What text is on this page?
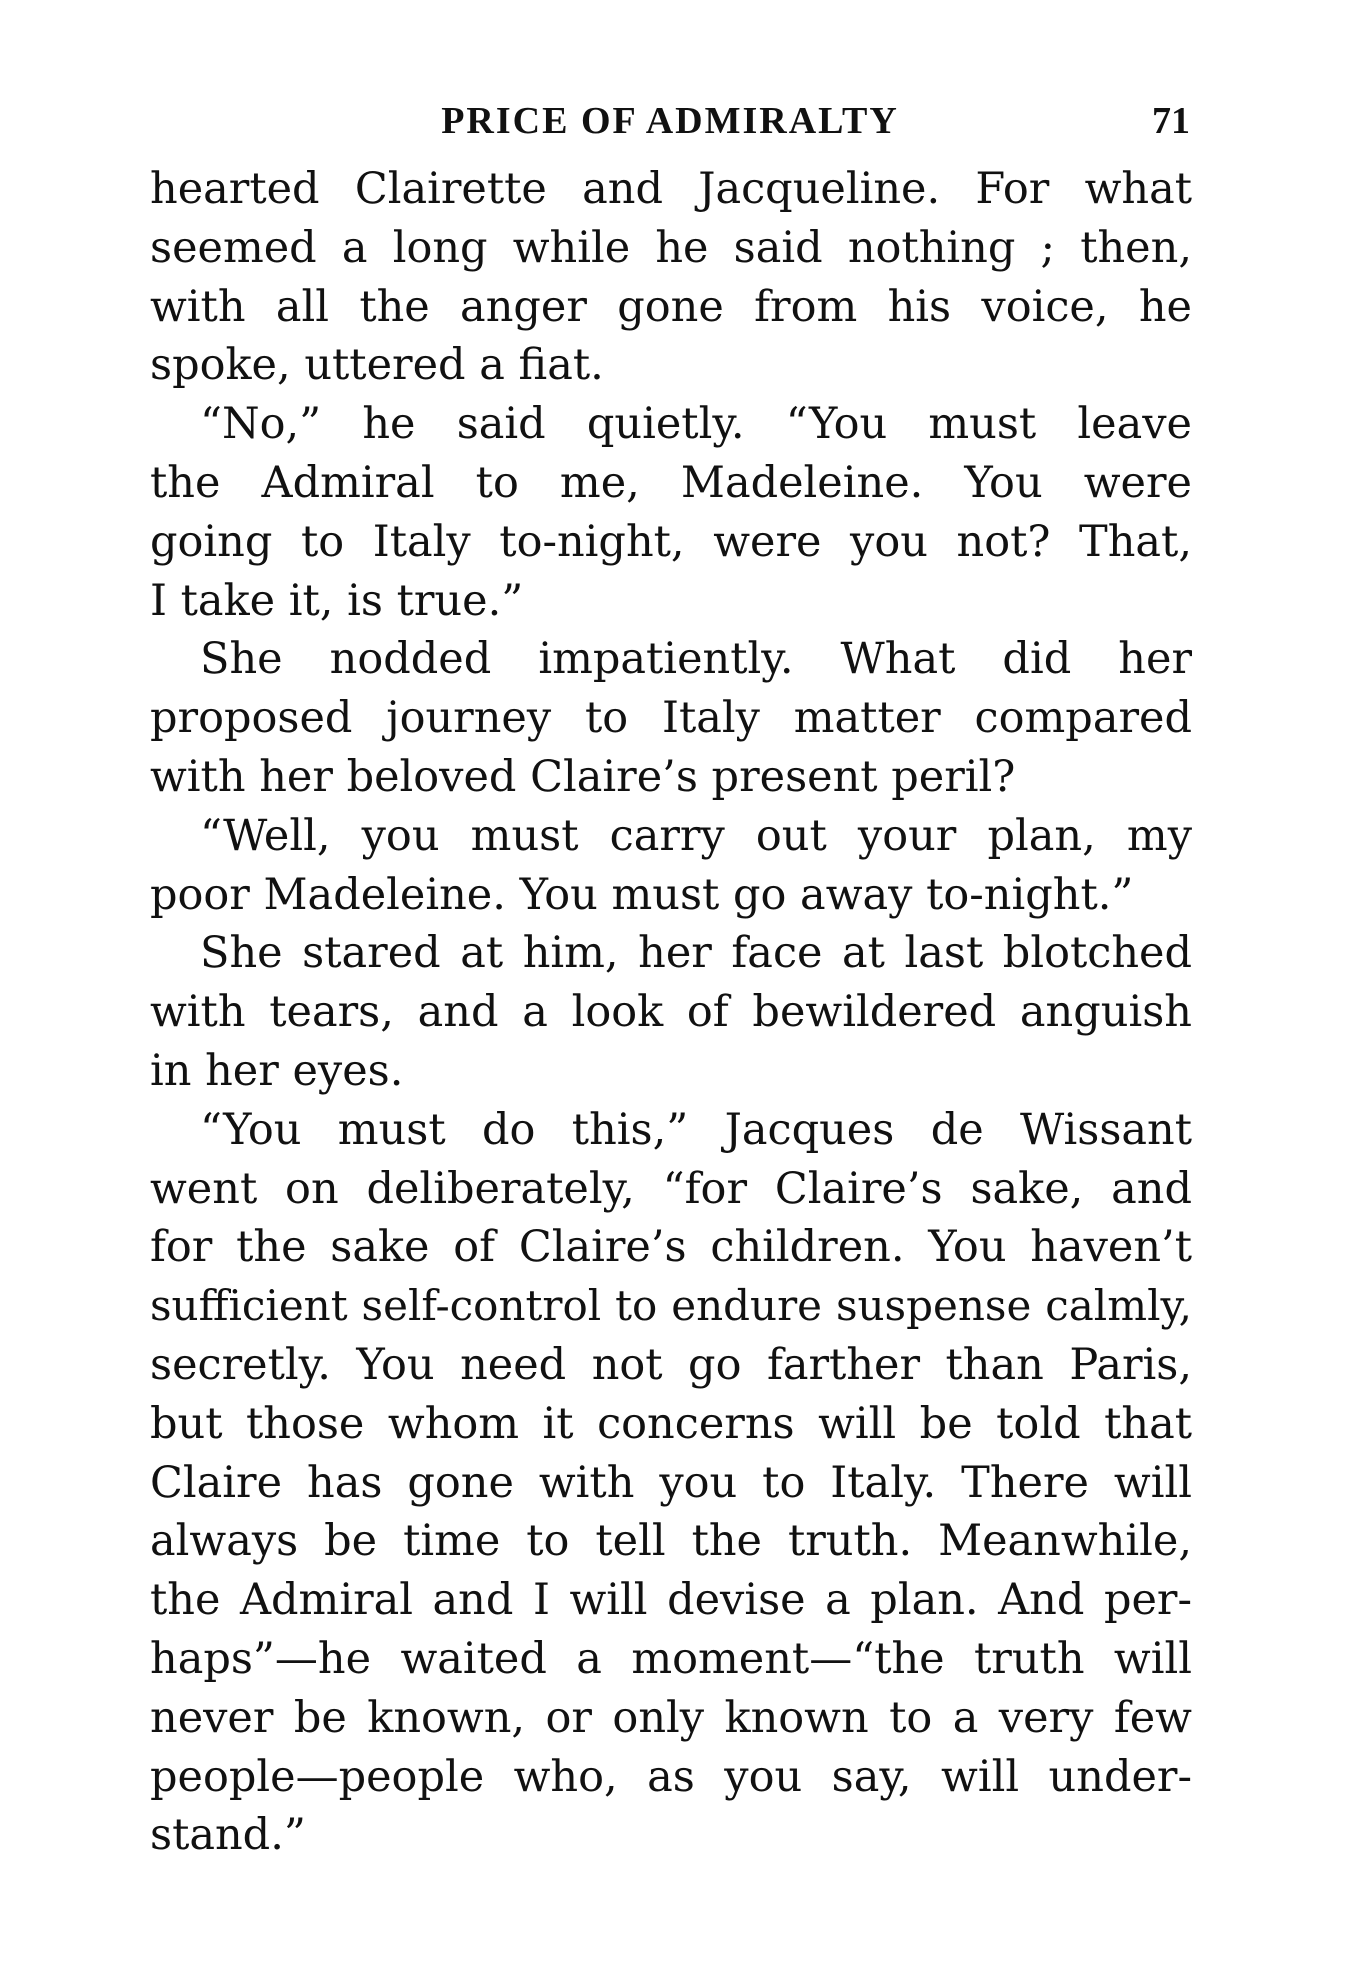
PRICE OF ADMIRALTY	71
hearted Clairette and Jacqueline. For what
seemed a long while he said nothing ; then,
with all the anger gone from his voice, he
spoke, uttered a fiat.
“No,” he said quietly. “You must leave
the Admiral to me, Madeleine. You were
going to Italy to-night, were you not? That,
I take it, is true.”
She nodded impatiently. What did her
proposed journey to Italy matter compared
with her beloved Claire’s present peril?
“Well, you must carry out your plan, my
poor Madeleine. You must go away to-night.”
She stared at him, her face at last blotched
with tears, and a look of bewildered anguish
in her eyes.
“You must do this,” Jacques de Wissant
went on deliberately, “for Claire’s sake, and
for the sake of Claire’s children. You haven’t
sufficient self-control to endure suspense calmly,
secretly. You need not go farther than Paris,
but those whom it concerns will be told that
Claire has gone with you to Italy. There will
always be time to tell the truth. Meanwhile,
the Admiral and I will devise a plan. And per-
haps”—he waited a moment—“the truth will
never be known, or only known to a very few
people—people who, as you say, will under-
stand.”
